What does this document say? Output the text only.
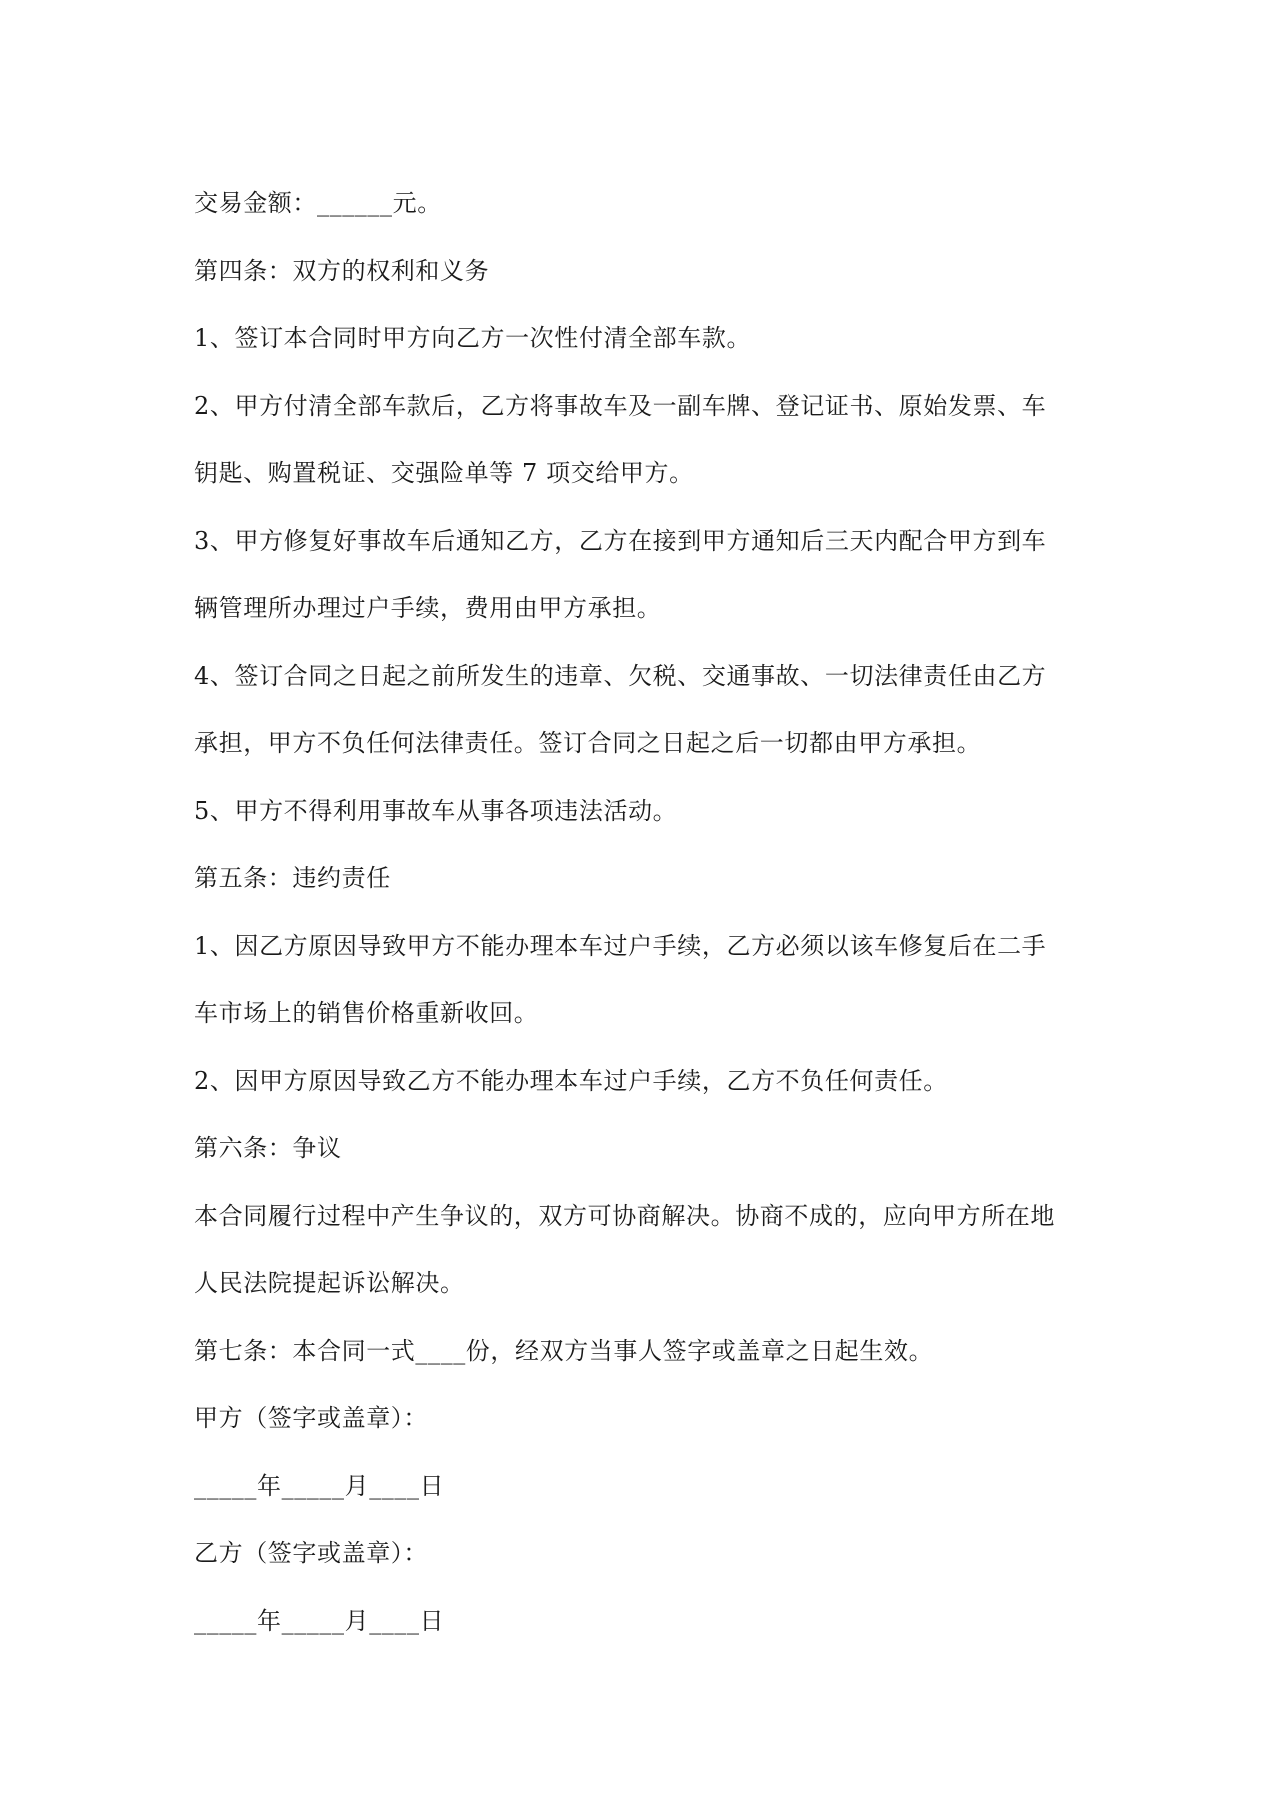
交易金额：______元。
第四条：双方的权利和义务
1、签订本合同时甲方向乙方一次性付清全部车款。
2、甲方付清全部车款后，乙方将事故车及一副车牌、登记证书、原始发票、车
钥匙、购置税证、交强险单等 7 项交给甲方。
3、甲方修复好事故车后通知乙方，乙方在接到甲方通知后三天内配合甲方到车
辆管理所办理过户手续，费用由甲方承担。
4、签订合同之日起之前所发生的违章、欠税、交通事故、一切法律责任由乙方
承担，甲方不负任何法律责任。签订合同之日起之后一切都由甲方承担。
5、甲方不得利用事故车从事各项违法活动。
第五条：违约责任
1、因乙方原因导致甲方不能办理本车过户手续，乙方必须以该车修复后在二手
车市场上的销售价格重新收回。
2、因甲方原因导致乙方不能办理本车过户手续，乙方不负任何责任。
第六条：争议
本合同履行过程中产生争议的，双方可协商解决。协商不成的，应向甲方所在地
人民法院提起诉讼解决。
第七条：本合同一式____份，经双方当事人签字或盖章之日起生效。
甲方（签字或盖章）：
_____年_____月____日
乙方（签字或盖章）：
_____年_____月____日
